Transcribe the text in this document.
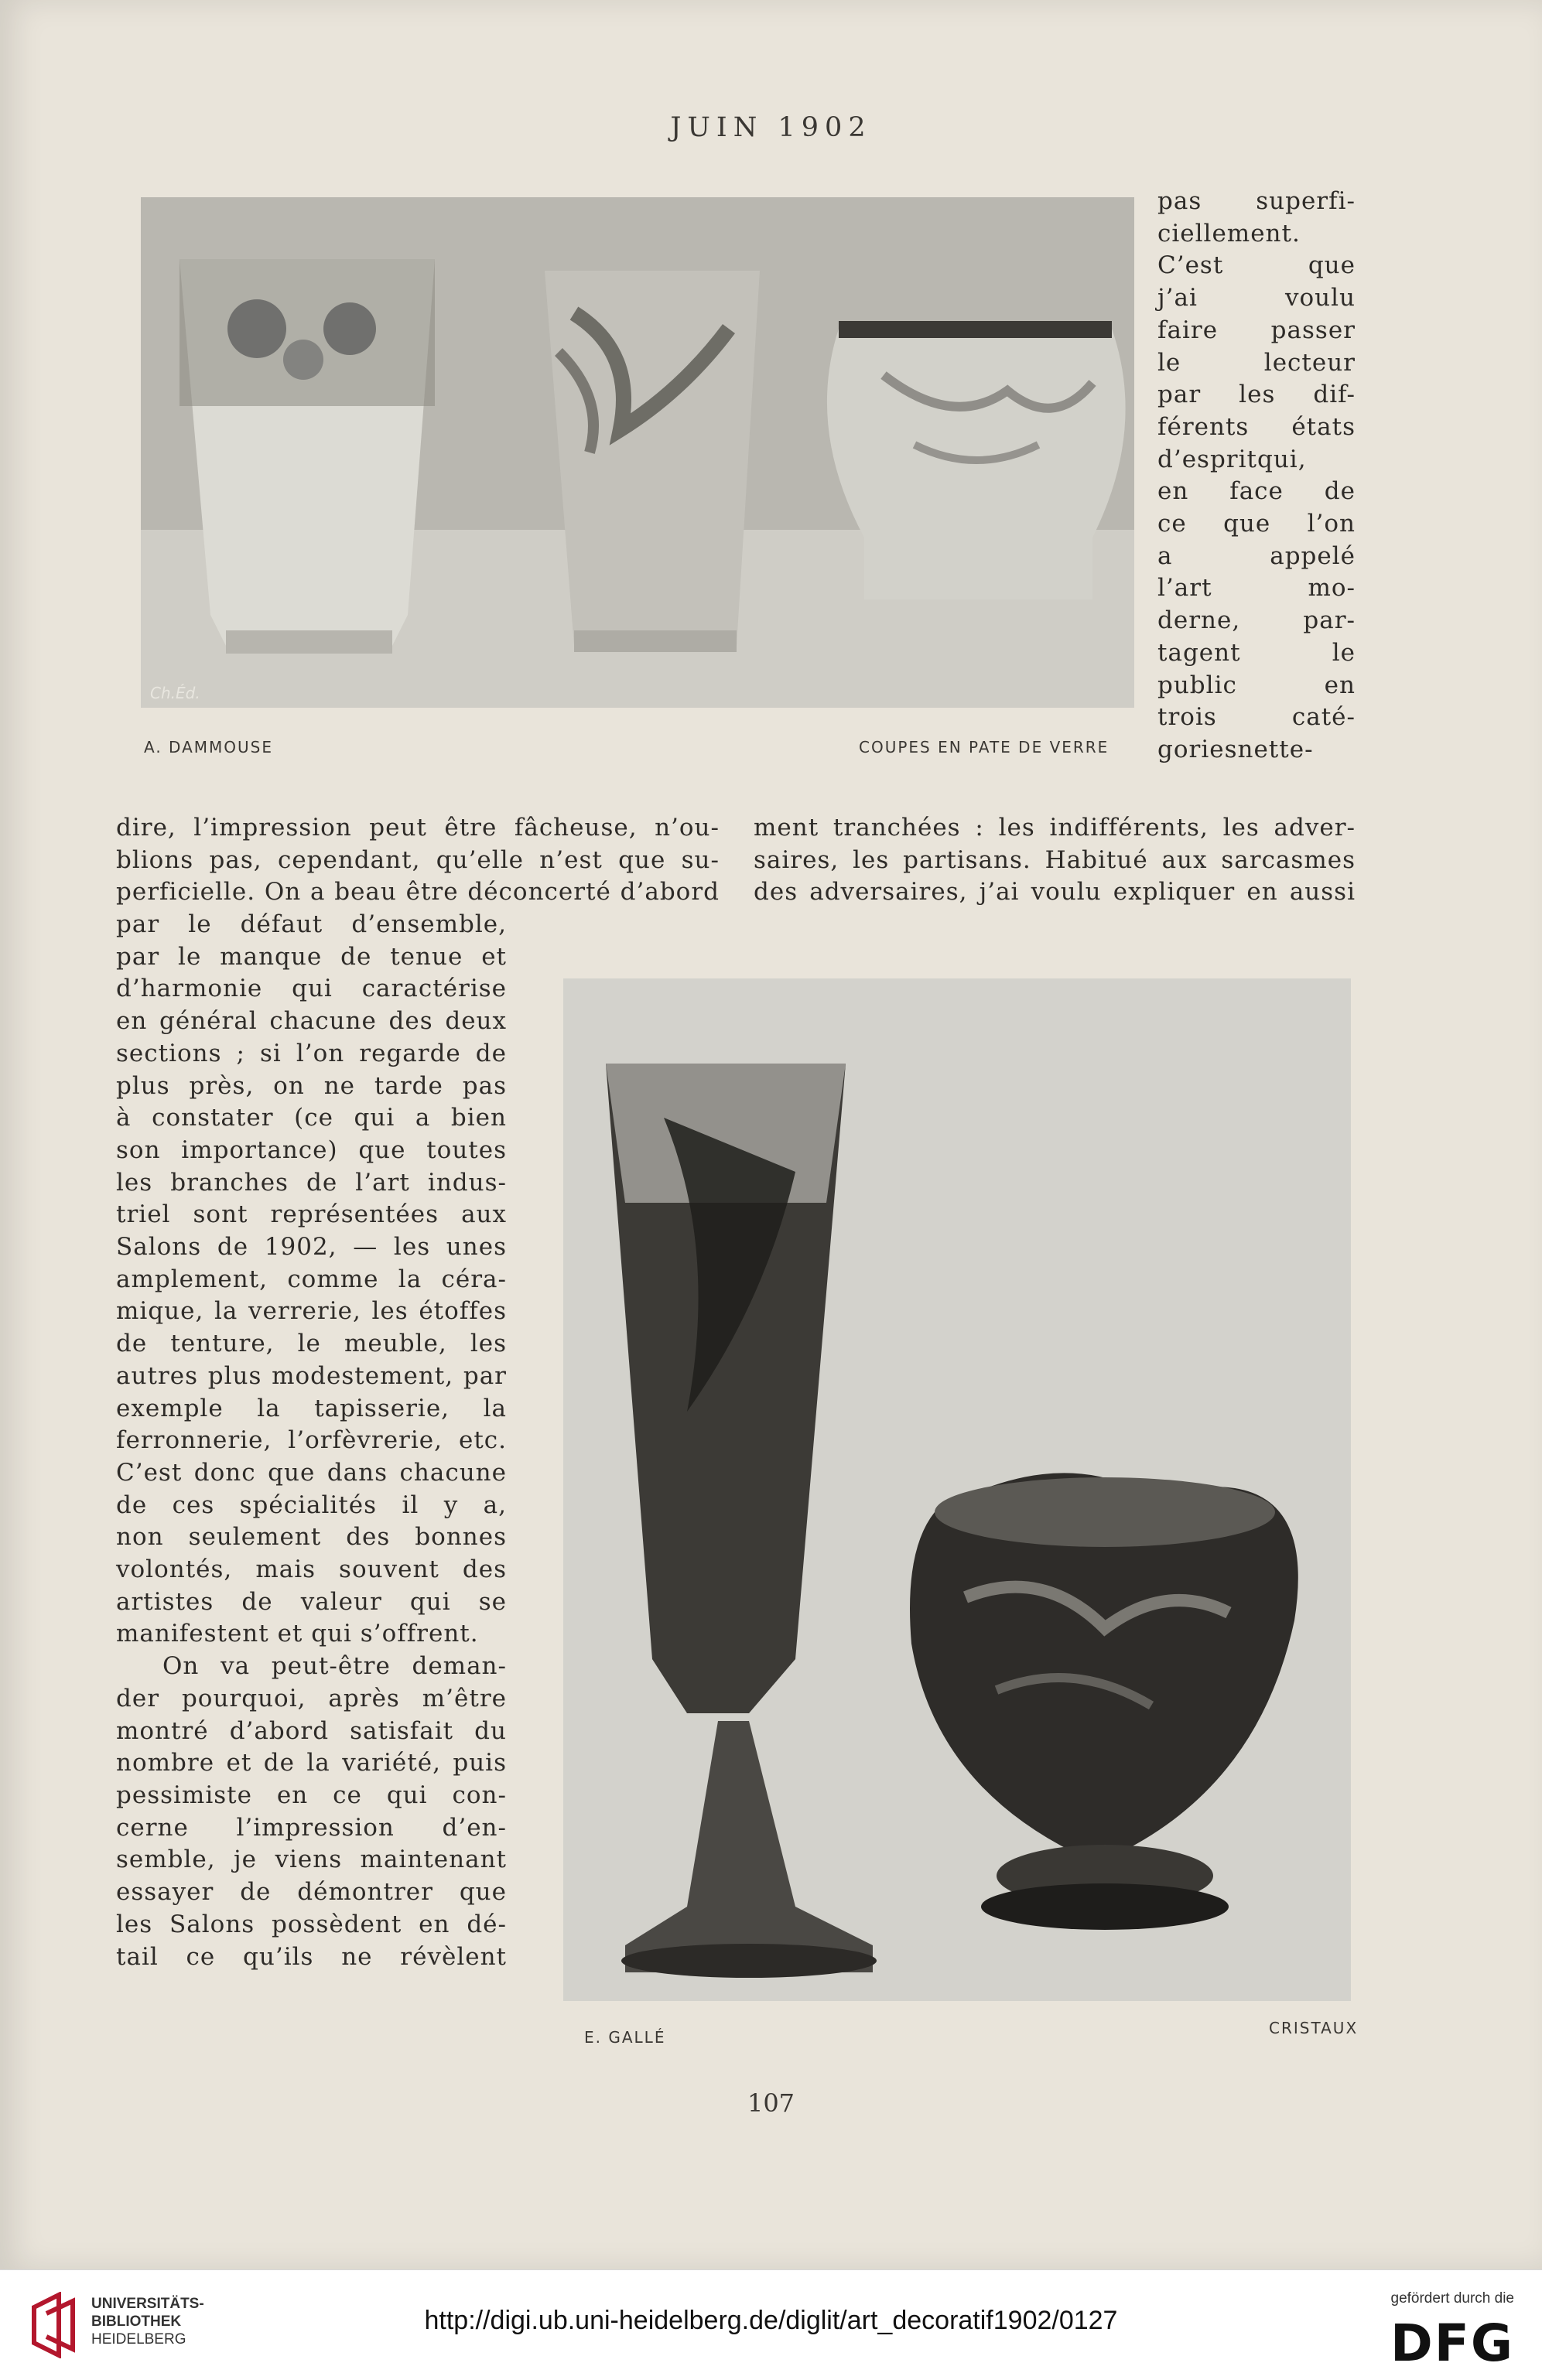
JUIN 1902
Ch.Éd.
A. DAMMOUSE	COUPES EN PATE DE VERRE
pas superfi-
ciellement.
C’est que
j’ai voulu
faire passer
le lecteur
par les dif-
férents états
d’espritqui,
en face de
ce que l’on
a appelé
l’art mo-
derne, par-
tagent le
public en
trois caté-
goriesnette-
dire, l’impression peut être fâcheuse, n’ou-
blions pas, cependant, qu’elle n’est que su-
perficielle. On a beau être déconcerté d’abord
ment tranchées : les indifférents, les adver-
saires, les partisans. Habitué aux sarcasmes
des adversaires, j’ai voulu expliquer en aussi
par le défaut d’ensemble,
par le manque de tenue et
d’harmonie qui caractérise
en général chacune des deux
sections ; si l’on regarde de
plus près, on ne tarde pas
à constater (ce qui a bien
son importance) que toutes
les branches de l’art indus-
triel sont représentées aux
Salons de 1902, — les unes
amplement, comme la céra-
mique, la verrerie, les étoffes
de tenture, le meuble, les
autres plus modestement, par
exemple la tapisserie, la
ferronnerie, l’orfèvrerie, etc.
C’est donc que dans chacune
de ces spécialités il y a,
non seulement des bonnes
volontés, mais souvent des
artistes de valeur qui se
manifestent et qui s’offrent.
On va peut-être deman-
der pourquoi, après m’être
montré d’abord satisfait du
nombre et de la variété, puis
pessimiste en ce qui con-
cerne l’impression d’en-
semble, je viens maintenant
essayer de démontrer que
les Salons possèdent en dé-
tail ce qu’ils ne révèlent
E. GALLÉ	CRISTAUX
107
UNIVERSITÄTS-
BIBLIOTHEK
HEIDELBERG
http://digi.ub.uni-heidelberg.de/diglit/art_decoratif1902/0127
gefördert durch die
DFG
